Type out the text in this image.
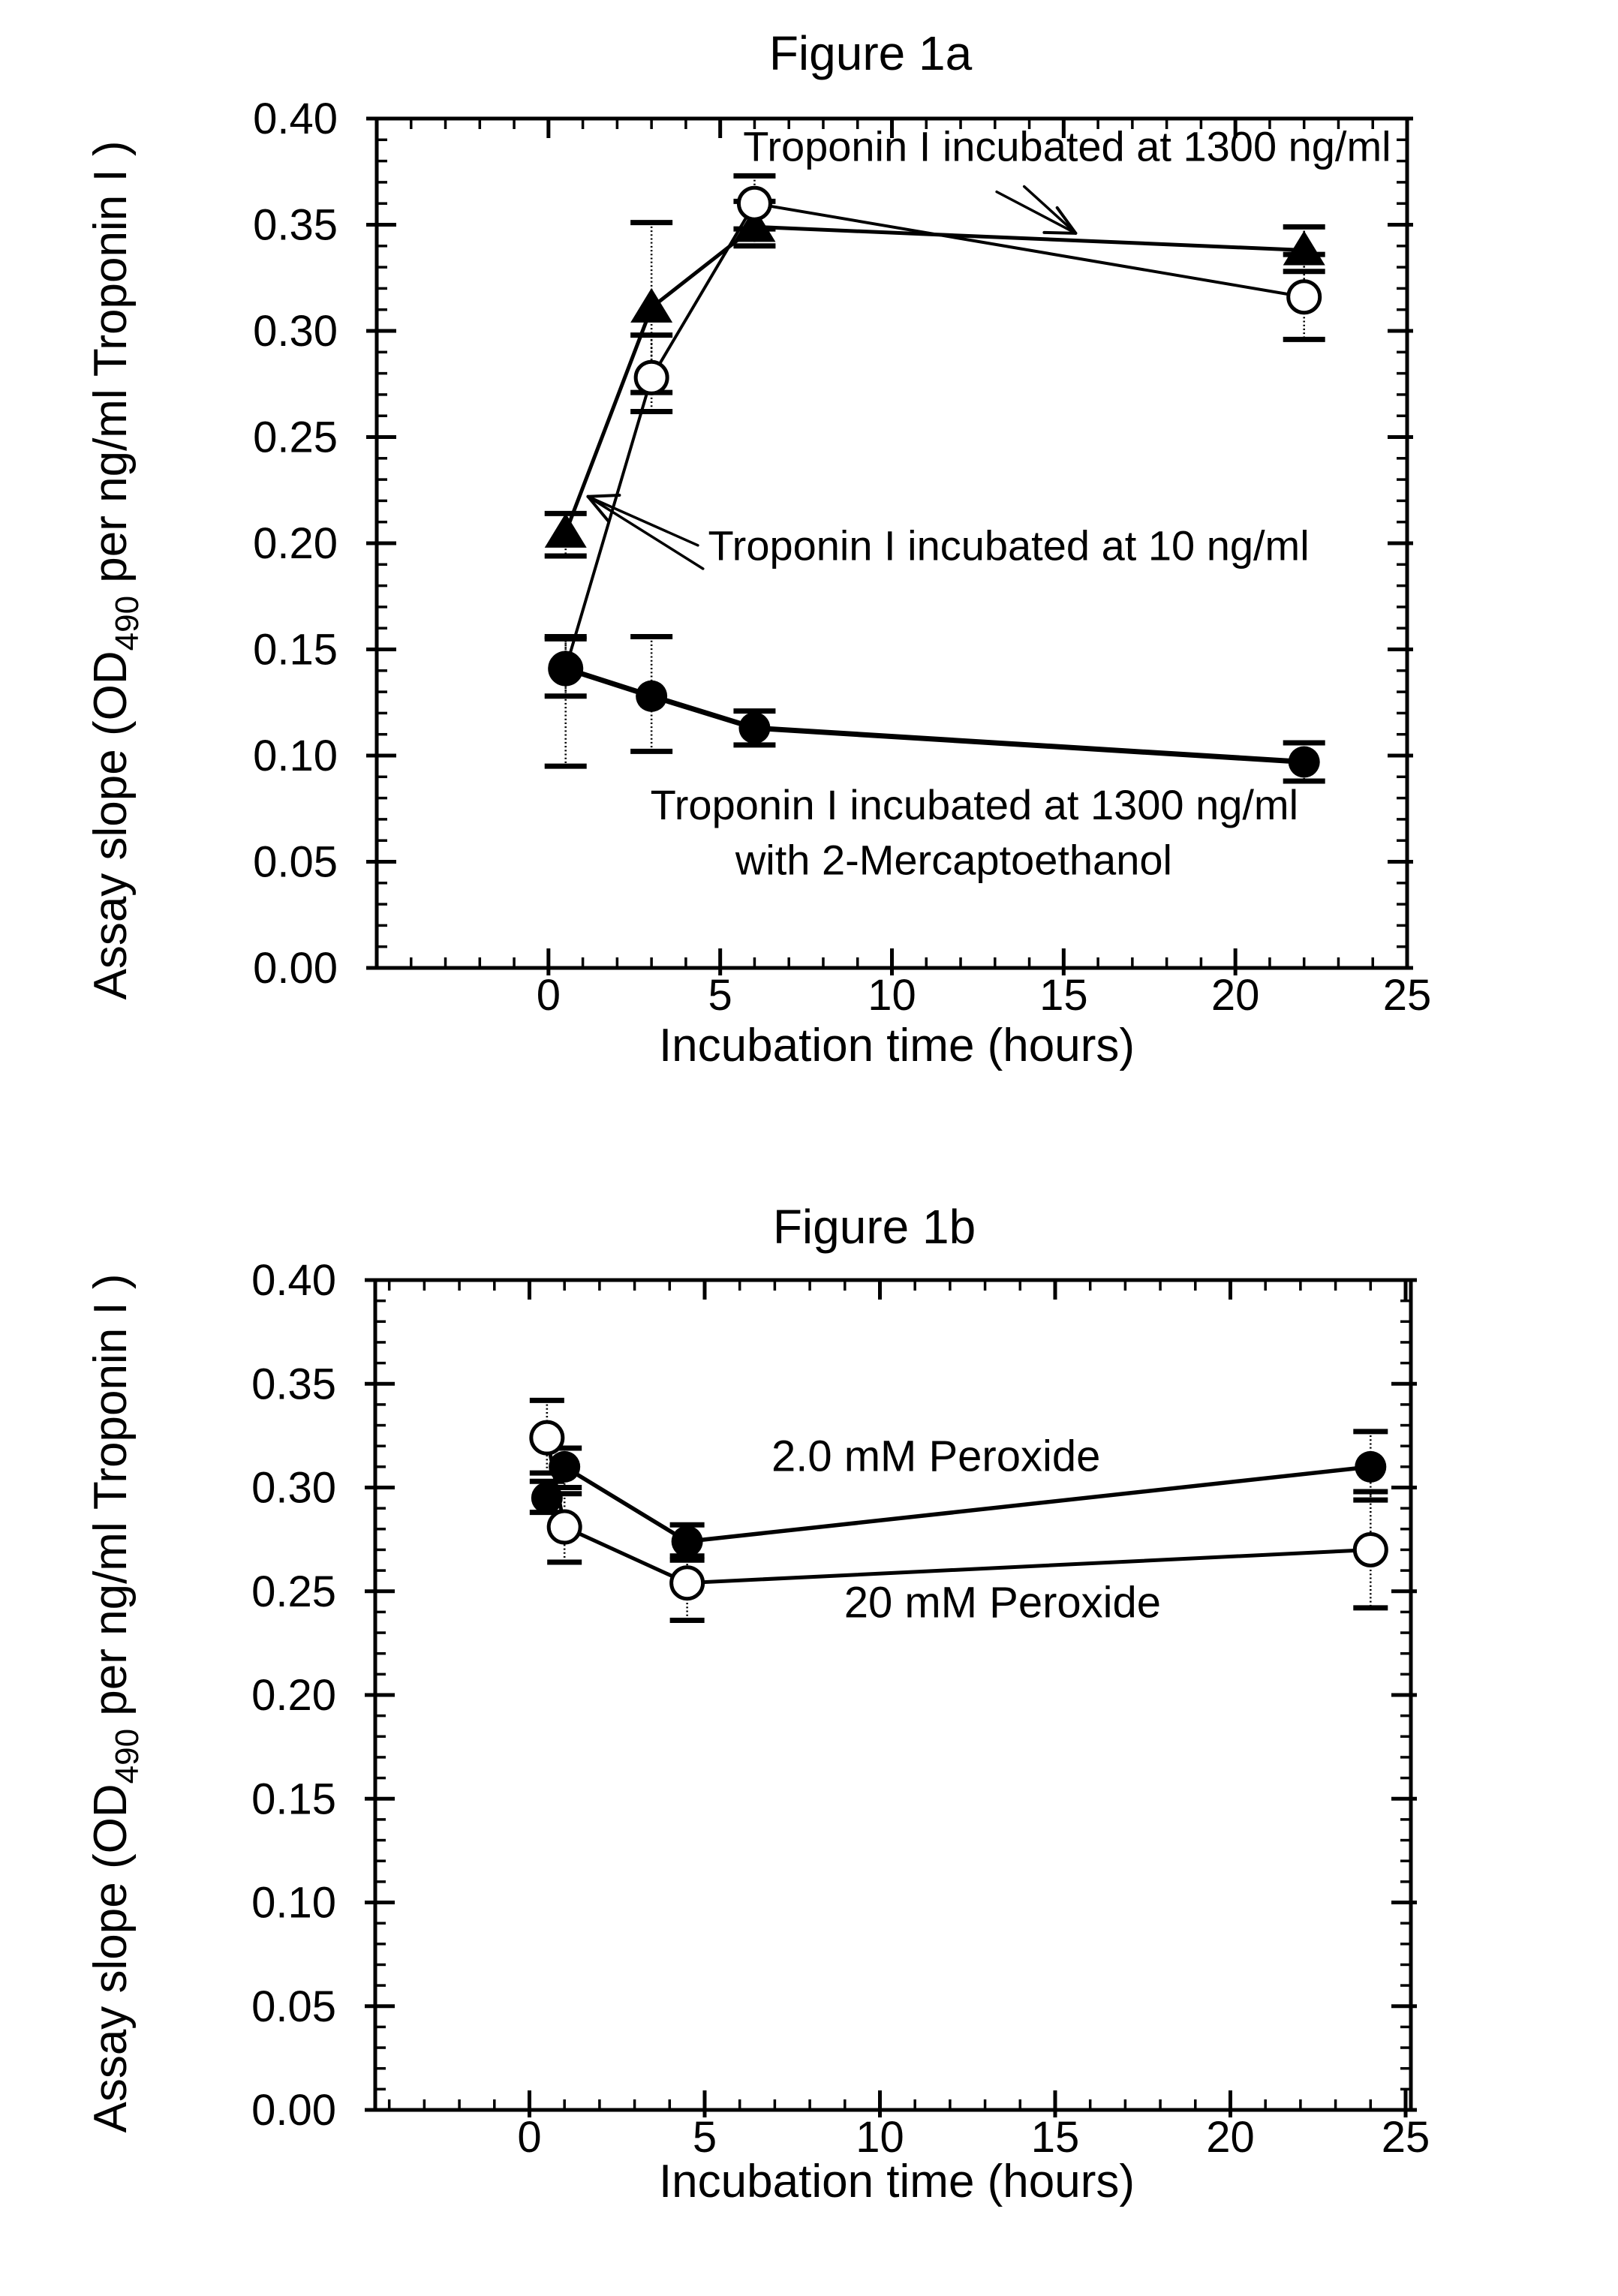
0	5	10	15	20	25
0.00
0.05
0.10
0.15
0.20
0.25
0.30
0.35
0.40
Troponin I incubated at 1300 ng/ml
Troponin I incubated at 10 ng/ml
Troponin I incubated at 1300 ng/ml
with 2-Mercaptoethanol
Assay slope ($OD_{490}$ per ng/ml Troponin I )
0	5	10	15	20	25
0.00
0.05
0.10
0.15
0.20
0.25
0.30
0.35
0.40
2.0 mM Peroxide
20 mM Peroxide
Assay slope ($OD_{490}$ per ng/ml Troponin I )
Figure 1a
Incubation time (hours)
Figure 1b
Incubation time (hours)
